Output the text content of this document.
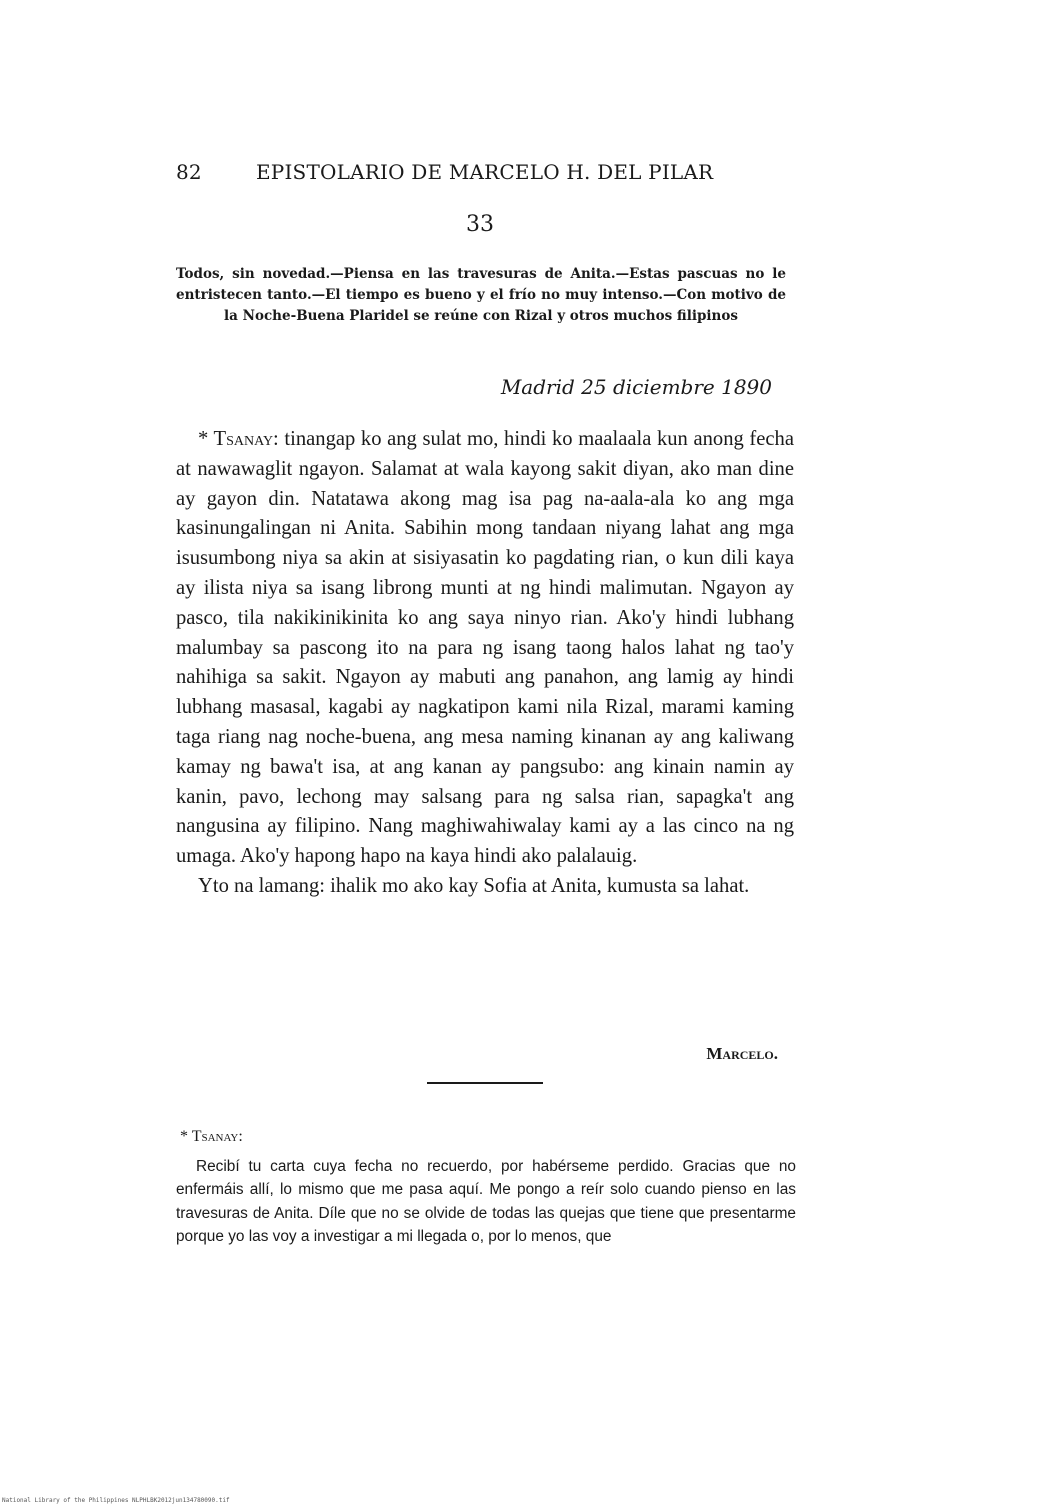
82	EPISTOLARIO DE MARCELO H. DEL PILAR
33
Todos, sin novedad.—Piensa en las travesuras de Anita.—Estas pascuas no le entristecen tanto.—El tiempo es bueno y el frío no muy intenso.—Con motivo de la Noche-Buena Plaridel se reúne con Rizal y otros muchos filipinos
Madrid 25 diciembre 1890

* Tsanay: tinangap ko ang sulat mo, hindi ko maalaala kun anong fecha at nawawaglit ngayon. Salamat at wala kayong sakit diyan, ako man dine ay gayon din. Natatawa akong mag isa pag na-aala-ala ko ang mga kasinungalingan ni Anita. Sabihin mong tandaan niyang lahat ang mga isusumbong niya sa akin at sisiyasatin ko pagdating rian, o kun dili kaya ay ilista niya sa isang librong munti at ng hindi malimutan. Ngayon ay pasco, tila nakikinikinita ko ang saya ninyo rian. Ako'y hindi lubhang malumbay sa pascong ito na para ng isang taong halos lahat ng tao'y nahihiga sa sakit. Ngayon ay mabuti ang panahon, ang lamig ay hindi lubhang masasal, kagabi ay nagkatipon kami nila Rizal, marami kaming taga riang nag noche-buena, ang mesa naming kinanan ay ang kaliwang kamay ng bawa't isa, at ang kanan ay pangsubo: ang kinain namin ay kanin, pavo, lechong may salsang para ng salsa rian, sapagka't ang nangusina ay filipino. Nang maghiwahiwalay kami ay a las cinco na ng umaga. Ako'y hapong hapo na kaya hindi ako palalauig.

Yto na lamang: ihalik mo ako kay Sofia at Anita, kumusta sa lahat.

Marcelo.
* Tsanay:
Recibí tu carta cuya fecha no recuerdo, por habérseme perdido. Gracias que no enfermáis allí, lo mismo que me pasa aquí. Me pongo a reír solo cuando pienso en las travesuras de Anita. Díle que no se olvide de todas las quejas que tiene que presentarme porque yo las voy a investigar a mi llegada o, por lo menos, que
National Library of the Philippines NLPHLBK2012jun134780090.tif
